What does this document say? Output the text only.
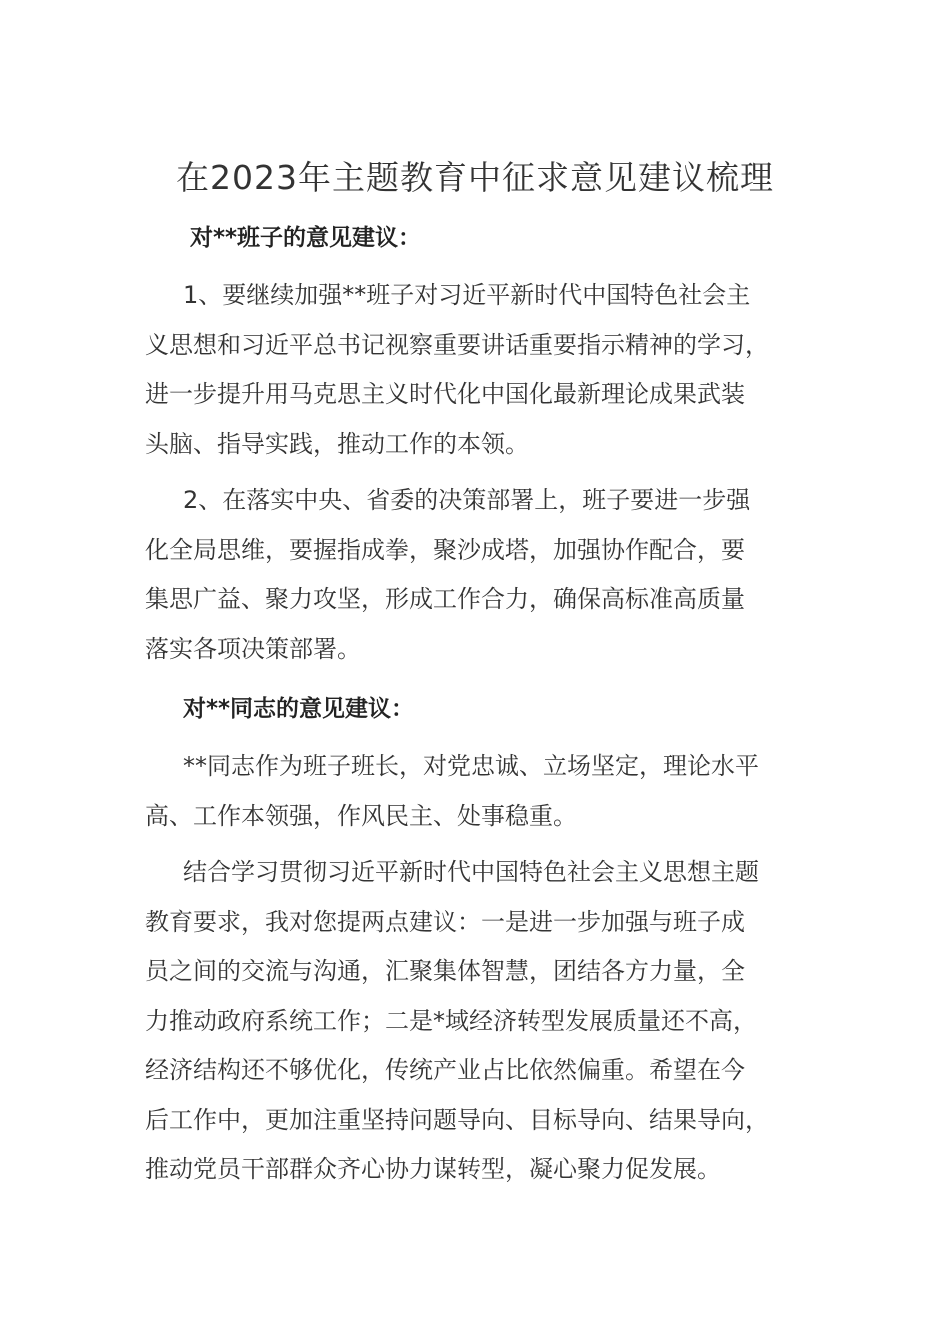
在2023年主题教育中征求意见建议梳理
对**班子的意见建议：
1、要继续加强**班子对习近平新时代中国特色社会主
义思想和习近平总书记视察重要讲话重要指示精神的学习，
进一步提升用马克思主义时代化中国化最新理论成果武装
头脑、指导实践，推动工作的本领。
2、在落实中央、省委的决策部署上，班子要进一步强
化全局思维，要握指成拳，聚沙成塔，加强协作配合，要
集思广益、聚力攻坚，形成工作合力，确保高标准高质量
落实各项决策部署。
对**同志的意见建议：
**同志作为班子班长，对党忠诚、立场坚定，理论水平
高、工作本领强，作风民主、处事稳重。
结合学习贯彻习近平新时代中国特色社会主义思想主题
教育要求，我对您提两点建议：一是进一步加强与班子成
员之间的交流与沟通，汇聚集体智慧，团结各方力量，全
力推动政府系统工作；二是*域经济转型发展质量还不高，
经济结构还不够优化，传统产业占比依然偏重。希望在今
后工作中，更加注重坚持问题导向、目标导向、结果导向，
推动党员干部群众齐心协力谋转型，凝心聚力促发展。
